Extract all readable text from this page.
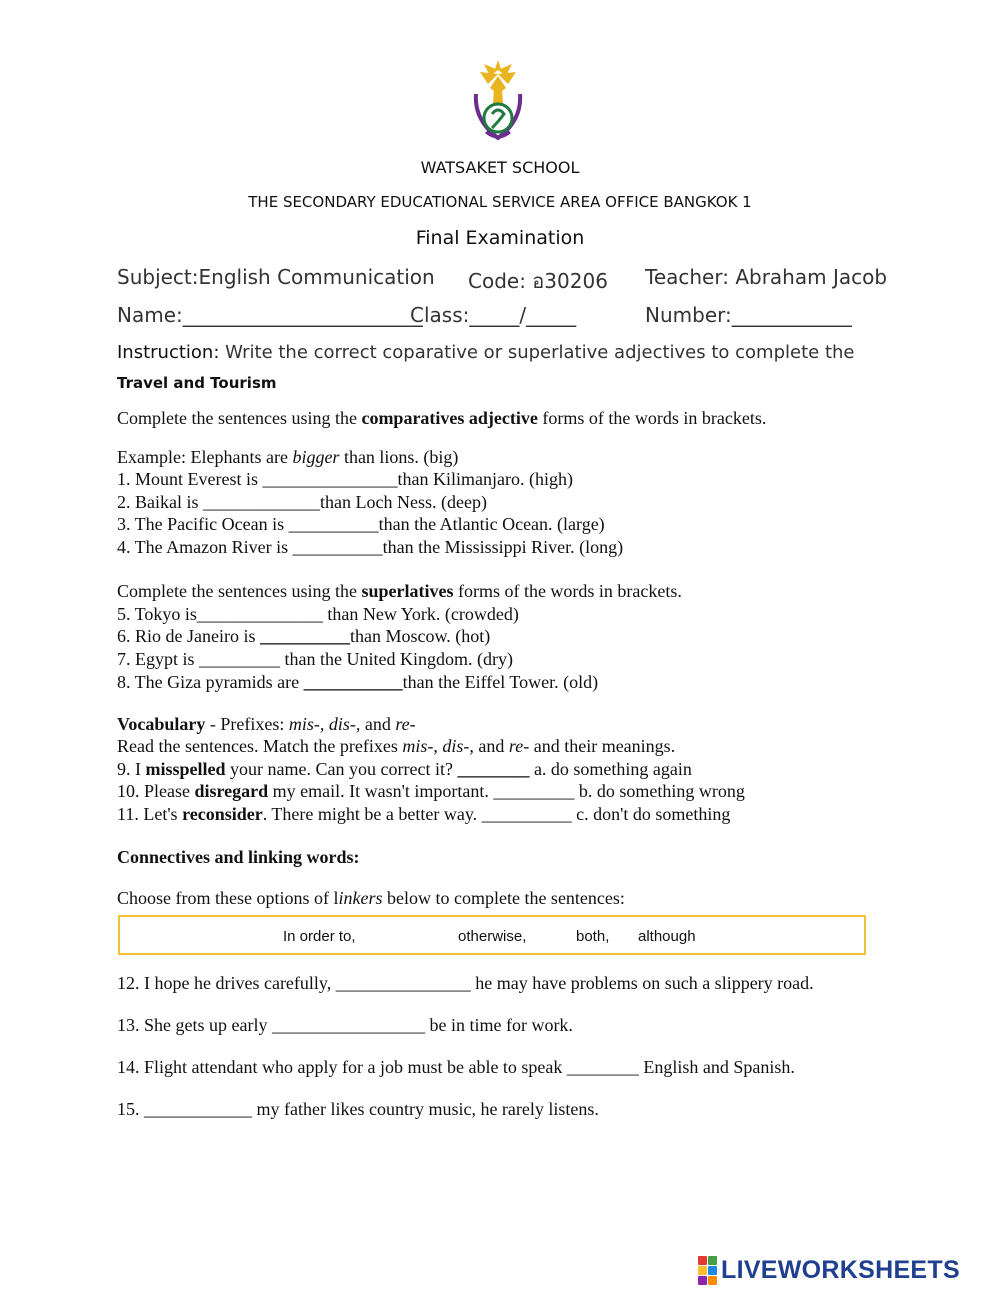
WATSAKET SCHOOL
THE SECONDARY EDUCATIONAL SERVICE AREA OFFICE BANGKOK 1
Final Examination
Subject:English Communication Code: อ30206 Teacher: Abraham Jacob
Name:________________________
Class:_____/_____	Number:____________
Instruction: Write the correct coparative or superlative adjectives to complete the
Travel and Tourism
Complete the sentences using the comparatives adjective forms of the words in brackets.
Example: Elephants are bigger than lions. (big)
1. Mount Everest is _______________than Kilimanjaro. (high)
2. Baikal is _____________than Loch Ness. (deep)
3. The Pacific Ocean is __________than the Atlantic Ocean. (large)
4. The Amazon River is __________than the Mississippi River. (long)
Complete the sentences using the superlatives forms of the words in brackets.
5. Tokyo is______________ than New York. (crowded)
6. Rio de Janeiro is __________than Moscow. (hot)
7. Egypt is _________ than the United Kingdom. (dry)
8. The Giza pyramids are ___________than the Eiffel Tower. (old)
Vocabulary - Prefixes: mis-, dis-, and re-
Read the sentences. Match the prefixes mis-, dis-, and re- and their meanings.
9. I misspelled your name. Can you correct it? ________ a. do something again
10. Please disregard my email. It wasn't important. _________ b. do something wrong
11. Let's reconsider. There might be a better way. __________ c. don't do something
Connectives and linking words:
Choose from these options of linkers below to complete the sentences:
In order to,	otherwise,	both, although
12. I hope he drives carefully, _______________ he may have problems on such a slippery road.
13. She gets up early _________________ be in time for work.
14. Flight attendant who apply for a job must be able to speak ________ English and Spanish.
15. ____________ my father likes country music, he rarely listens.
LIVEWORKSHEETS
